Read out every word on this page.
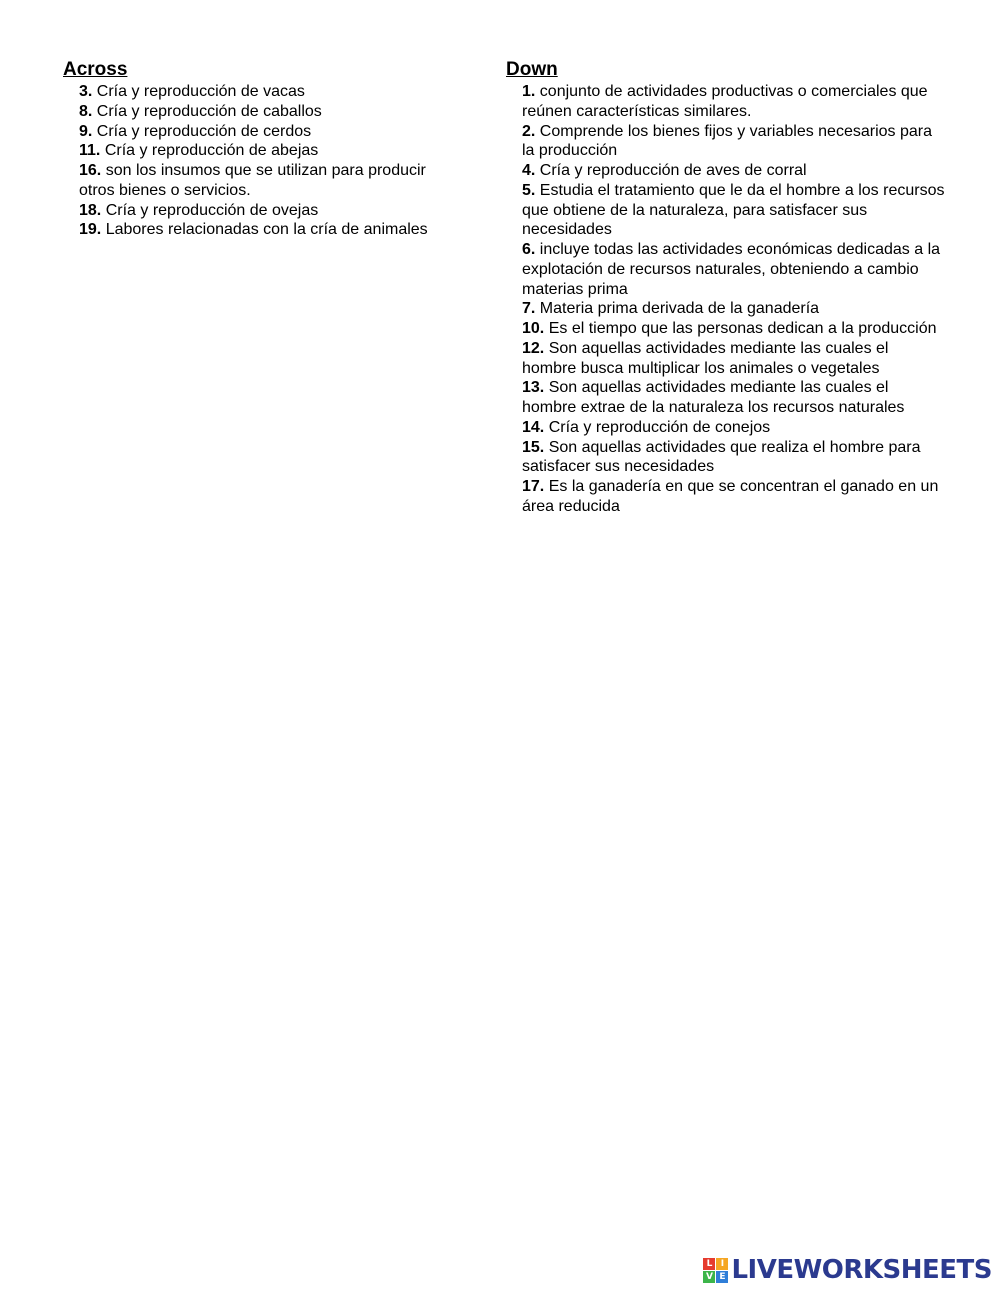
Across
3. Cría y reproducción de vacas
8. Cría y reproducción de caballos
9. Cría y reproducción de cerdos
11. Cría y reproducción de abejas
16. son los insumos que se utilizan para producir otros bienes o servicios.
18. Cría y reproducción de ovejas
19. Labores relacionadas con la cría de animales
Down
1. conjunto de actividades productivas o comerciales que reúnen características similares.
2. Comprende los bienes fijos y variables necesarios para la producción
4. Cría y reproducción de aves de corral
5. Estudia el tratamiento que le da el hombre a los recursos que obtiene de la naturaleza, para satisfacer sus necesidades
6. incluye todas las actividades económicas dedicadas a la explotación de recursos naturales, obteniendo a cambio materias prima
7. Materia prima derivada de la ganadería
10. Es el tiempo que las personas dedican a la producción
12. Son aquellas actividades mediante las cuales el hombre busca multiplicar los animales o vegetales
13. Son aquellas actividades mediante las cuales el hombre extrae de la naturaleza los recursos naturales
14. Cría y reproducción de conejos
15. Son aquellas actividades que realiza el hombre para satisfacer sus necesidades
17. Es la ganadería en que se concentran el ganado en un área reducida
L I
V E LIVEWORKSHEETS
